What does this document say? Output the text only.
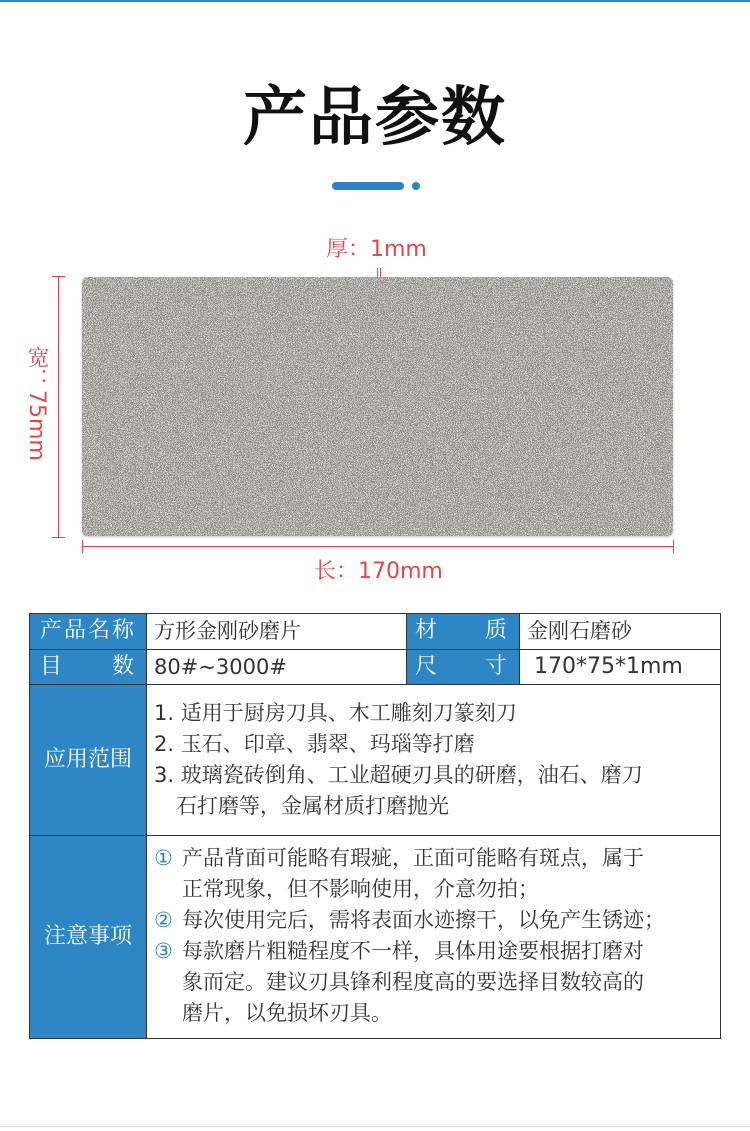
产品参数
厚：1mm
宽：75mm
长：170mm
产 品 名 称
目 数
材 质
尺 寸
应用范围
注意事项
方形金刚砂磨片	金刚石磨砂
80#~3000#	170*75*1mm
1. 适用于厨房刀具、木工雕刻刀篆刻刀
2. 玉石、印章、翡翠、玛瑙等打磨
3. 玻璃瓷砖倒角、工业超硬刃具的研磨，油石、磨刀
石打磨等，金属材质打磨抛光
① 产品背面可能略有瑕疵，正面可能略有斑点，属于
正常现象，但不影响使用，介意勿拍；
② 每次使用完后，需将表面水迹擦干，以免产生锈迹；
③ 每款磨片粗糙程度不一样，具体用途要根据打磨对
象而定。建议刃具锋利程度高的要选择目数较高的
磨片，以免损坏刃具。
